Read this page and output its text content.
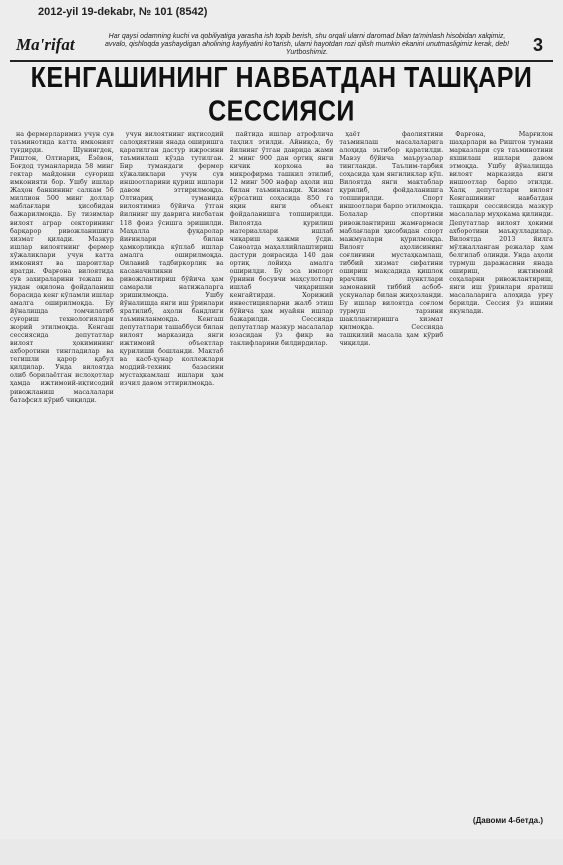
2012-yil 19-dekabr, № 101 (8542)
Ma'rifat	Har qaysi odamning kuchi va qobiliyatiga yarasha ish topib berish, shu orqali ularni daromad bilan ta'minlash hisobidan xalqimiz, avvalo, qishloqda yashaydigan aholining kayfiyatini ko'tarish, ularni hayotdan rozi qilish mumkin ekanini unutmasligimiz kerak, deb! Yurtboshimiz.	3
КЕНГАШИНИНГ НАВБАТДАН ТАШҚАРИ СЕССИЯСИ

на фермерларимиз учун сув таъминотида катта имконият туғдирди. Шунингдек, Риштон, Олтиариқ, Ёзёвон, Боғдод туманларида 58 минг гектар майдонни суғориш имконияти бор. Ушбу ишлар Жаҳон банкининг салкам 56 миллион 500 минг доллар маблағлари ҳисобидан бажарилмоқда. Бу тизимлар вилоят аграр секторининг барқарор ривожланишига хизмат қилади. Мазкур ишлар вилоятнинг фермер хўжаликлари учун катта имконият ва шароитлар яратди. Фарғона вилоятида сув захираларини тежаш ва ундан оқилона фойдаланиш борасида кенг кўламли ишлар амалга оширилмоқда. Бу йўналишда томчилатиб суғориш технологиялари жорий этилмоқда. Кенгаш сессиясида депутатлар вилоят ҳокимининг ахборотини тингладилар ва тегишли қарор қабул қилдилар. Унда вилоятда олиб борилаётган ислоҳотлар ҳамда ижтимоий-иқтисодий ривожланиш масалалари батафсил кўриб чиқилди.

учун вилоятнинг иқтисодий салоҳиятини янада оширишга қаратилган дастур ижросини таъминлаш кўзда тутилган. Бир тумандаги фермер хўжаликлари учун сув иншоотларини қуриш ишлари давом эттирилмоқда. Олтиариқ туманида вилоятимиз бўйича ўтган йилнинг шу даврига нисбатан 118 фоиз ўсишга эришилди. Маҳалла фуқаролар йиғинлари билан ҳамкорликда кўплаб ишлар амалга оширилмоқда. Оилавий тадбиркорлик ва касаначиликни ривожлантириш бўйича ҳам самарали натижаларга эришилмоқда. Ушбу йўналишда янги иш ўринлари яратилиб, аҳоли бандлиги таъминланмоқда. Кенгаш депутатлари ташаббуси билан вилоят марказида янги ижтимоий объектлар қурилиши бошланди. Мактаб ва касб-ҳунар коллежлари моддий-техник базасини мустаҳкамлаш ишлари ҳам изчил давом эттирилмоқда.

пайтида ишлар атрофлича таҳлил этилди. Айниқса, бу йилнинг ўтган даврида жами 2 минг 900 дан ортиқ янги кичик корхона ва микрофирма ташкил этилиб, 12 минг 500 нафар аҳоли иш билан таъминланди. Хизмат кўрсатиш соҳасида 850 га яқин янги объект фойдаланишга топширилди. Вилоятда қурилиш материаллари ишлаб чиқариш ҳажми ўсди. Саноатда маҳаллийлаштириш дастури доирасида 140 дан ортиқ лойиҳа амалга оширилди. Бу эса импорт ўрнини босувчи маҳсулотлар ишлаб чиқаришни кенгайтирди. Хорижий инвестицияларни жалб этиш бўйича ҳам муайян ишлар бажарилди. Сессияда депутатлар мазкур масалалар юзасидан ўз фикр ва таклифларини билдирдилар.

ҳаёт фаолиятини таъминлаш масалаларига алоҳида эътибор қаратилди. Мавзу бўйича маърузалар тингланди. Таълим-тарбия соҳасида ҳам янгиликлар кўп. Вилоятда янги мактаблар қурилиб, фойдаланишга топширилди. Спорт иншоотлари барпо этилмоқда. Болалар спортини ривожлантириш жамғармаси маблағлари ҳисобидан спорт мажмуалари қурилмоқда. Вилоят аҳолисининг соғлиғини мустаҳкамлаш, тиббий хизмат сифатини ошириш мақсадида қишлоқ врачлик пунктлари замонавий тиббий асбоб-ускуналар билан жиҳозланди. Бу ишлар вилоятда соғлом турмуш тарзини шакллантиришга хизмат қилмоқда. Сессияда ташкилий масала ҳам кўриб чиқилди.

Фарғона, Марғилон шаҳарлари ва Риштон тумани марказлари сув таъминотини яхшилаш ишлари давом этмоқда. Ушбу йўналишда вилоят марказида янги иншоотлар барпо этилди. Халқ депутатлари вилоят Кенгашининг навбатдан ташқари сессиясида мазкур масалалар муҳокама қилинди. Депутатлар вилоят ҳокими ахборотини маъқулладилар. Вилоятда 2013 йилга мўлжалланган режалар ҳам белгилаб олинди. Унда аҳоли турмуш даражасини янада ошириш, ижтимоий соҳаларни ривожлантириш, янги иш ўринлари яратиш масалаларига алоҳида урғу берилди. Сессия ўз ишини якунлади.

(Давоми 4-бетда.)
